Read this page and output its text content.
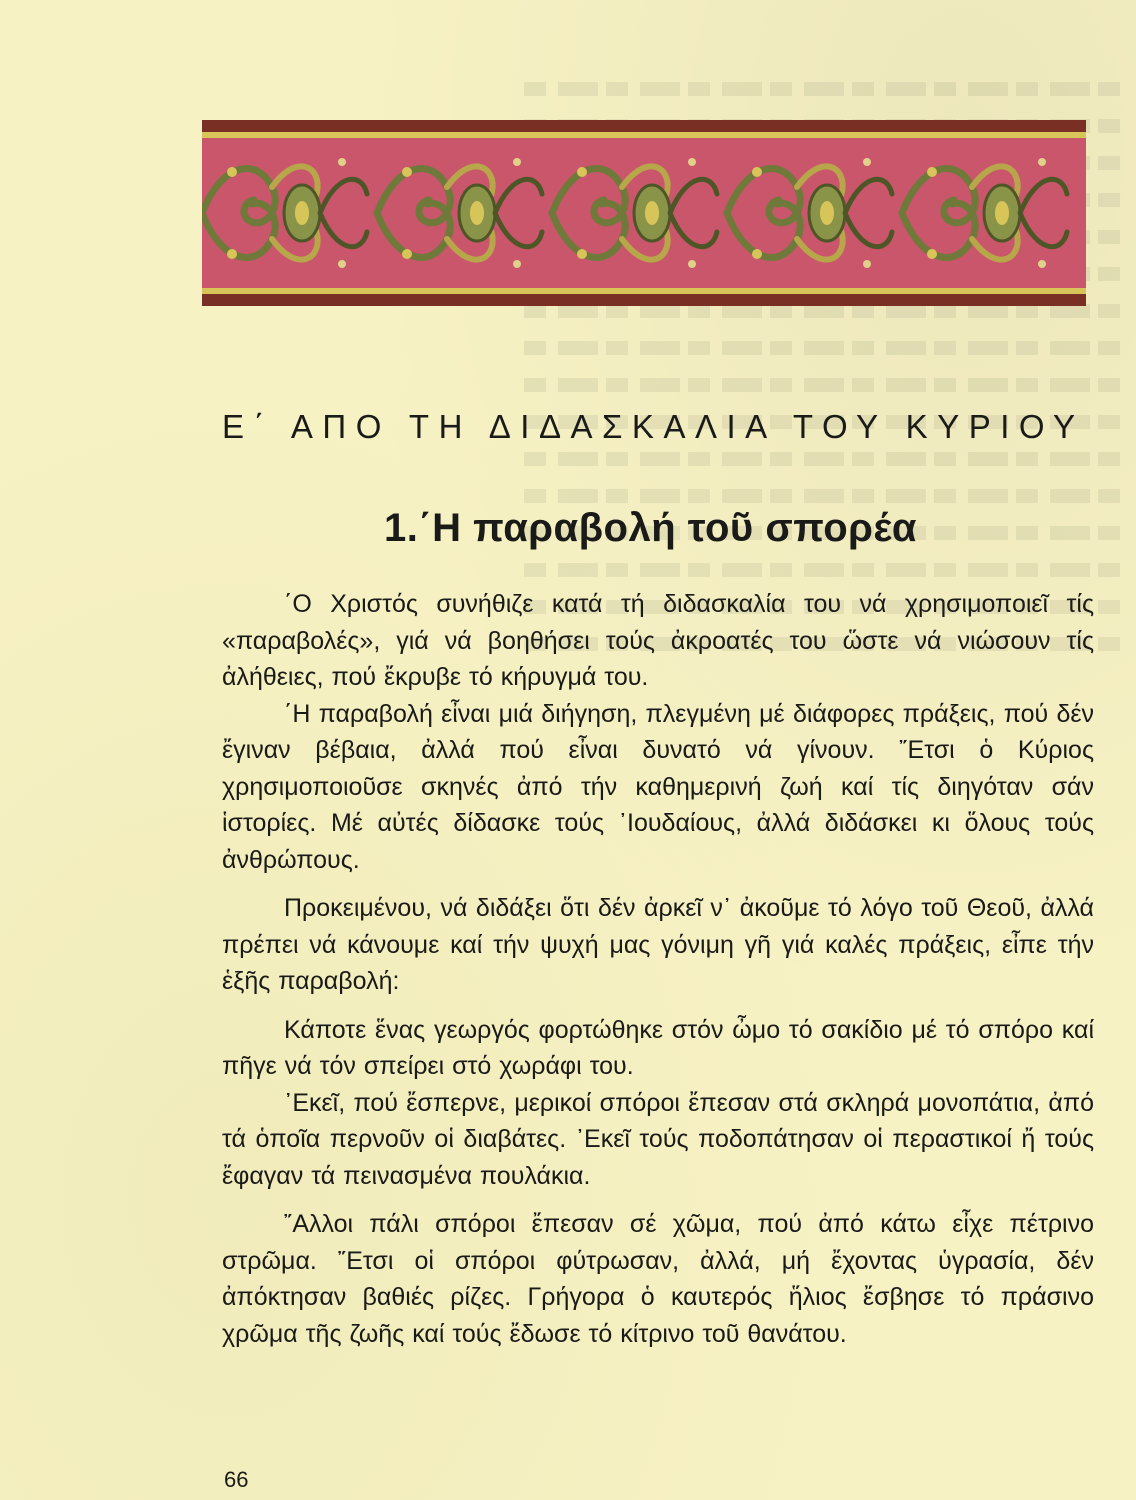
Ε΄ ΑΠΟ ΤΗ ΔΙΔΑΣΚΑΛΙΑ ΤΟΥ ΚΥΡΙΟΥ
1.΄Η παραβολή τοῦ σπορέα

΄Ο Χριστός συνήθιζε κατά τή διδασκαλία του νά χρησιμοποιεῖ τίς «παραβολές», γιά νά βοηθήσει τούς ἀκροατές του ὥστε νά νιώσουν τίς ἀλήθειες, πού ἔκρυβε τό κήρυγμά του.

΄Η παραβολή εἶναι μιά διήγηση, πλεγμένη μέ διάφορες πράξεις, πού δέν ἔγιναν βέβαια, ἀλλά πού εἶναι δυνατό νά γίνουν. ῎Ετσι ὁ Κύριος χρησιμοποιοῦσε σκηνές ἀπό τήν καθημερινή ζωή καί τίς διηγόταν σάν ἱστορίες. Μέ αὐτές δίδασκε τούς ᾿Ιουδαίους, ἀλλά διδάσκει κι ὅλους τούς ἀνθρώπους.

Προκειμένου, νά διδάξει ὅτι δέν ἀρκεῖ ν᾿ ἀκοῦμε τό λόγο τοῦ Θεοῦ, ἀλλά πρέπει νά κάνουμε καί τήν ψυχή μας γόνιμη γῆ γιά καλές πράξεις, εἶπε τήν ἑξῆς παραβολή:

Κάποτε ἕνας γεωργός φορτώθηκε στόν ὦμο τό σακίδιο μέ τό σπόρο καί πῆγε νά τόν σπείρει στό χωράφι του.

᾿Εκεῖ, πού ἔσπερνε, μερικοί σπόροι ἔπεσαν στά σκληρά μονοπάτια, ἀπό τά ὁποῖα περνοῦν οἱ διαβάτες. ᾿Εκεῖ τούς ποδοπάτησαν οἱ περαστικοί ἤ τούς ἔφαγαν τά πεινασμένα πουλάκια.

῎Αλλοι πάλι σπόροι ἔπεσαν σέ χῶμα, πού ἀπό κάτω εἶχε πέτρινο στρῶμα. ῎Ετσι οἱ σπόροι φύτρωσαν, ἀλλά, μή ἔχοντας ὑγρασία, δέν ἀπόκτησαν βαθιές ρίζες. Γρήγορα ὁ καυτερός ἥλιος ἔσβησε τό πράσινο χρῶμα τῆς ζωῆς καί τούς ἔδωσε τό κίτρινο τοῦ θανάτου.

66
